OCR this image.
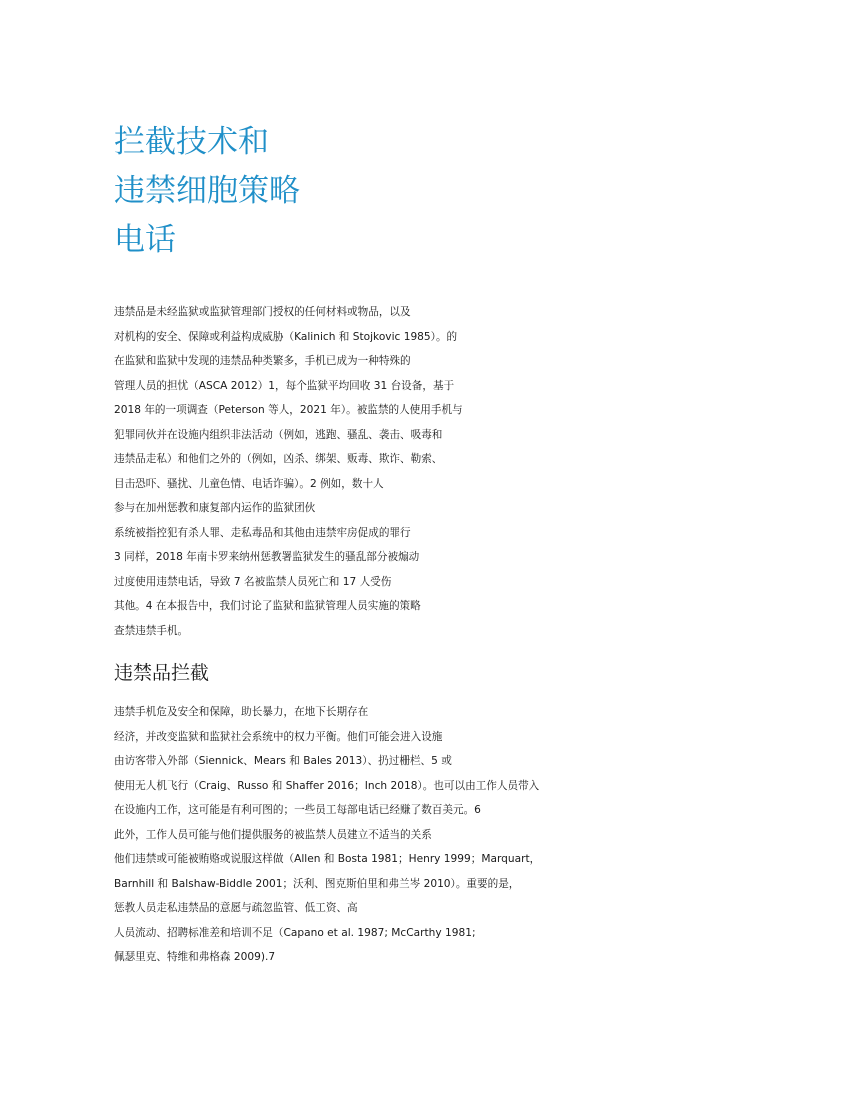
拦截技术和
违禁细胞策略
电话

违禁品是未经监狱或监狱管理部门授权的任何材料或物品，以及

对机构的安全、保障或利益构成威胁（Kalinich 和 Stojkovic 1985）。的

在监狱和监狱中发现的违禁品种类繁多，手机已成为一种特殊的

管理人员的担忧（ASCA 2012）1，每个监狱平均回收 31 台设备，基于

2018 年的一项调查（Peterson 等人，2021 年）。被监禁的人使用手机与

犯罪同伙并在设施内组织非法活动（例如，逃跑、骚乱、袭击、吸毒和

违禁品走私）和他们之外的（例如，凶杀、绑架、贩毒、欺诈、勒索、

目击恐吓、骚扰、儿童色情、电话诈骗）。2 例如，数十人

参与在加州惩教和康复部内运作的监狱团伙

系统被指控犯有杀人罪、走私毒品和其他由违禁牢房促成的罪行

3 同样，2018 年南卡罗来纳州惩教署监狱发生的骚乱部分被煽动

过度使用违禁电话，导致 7 名被监禁人员死亡和 17 人受伤

其他。4 在本报告中，我们讨论了监狱和监狱管理人员实施的策略

查禁违禁手机。

违禁品拦截

违禁手机危及安全和保障，助长暴力，在地下长期存在

经济，并改变监狱和监狱社会系统中的权力平衡。他们可能会进入设施

由访客带入外部（Siennick、Mears 和 Bales 2013）、扔过栅栏、5 或

使用无人机飞行（Craig、Russo 和 Shaffer 2016；Inch 2018）。也可以由工作人员带入

在设施内工作，这可能是有利可图的；一些员工每部电话已经赚了数百美元。6

此外，工作人员可能与他们提供服务的被监禁人员建立不适当的关系

他们违禁或可能被贿赂或说服这样做（Allen 和 Bosta 1981；Henry 1999；Marquart，

Barnhill 和 Balshaw-Biddle 2001；沃利、图克斯伯里和弗兰岑 2010）。重要的是，

惩教人员走私违禁品的意愿与疏忽监管、低工资、高

人员流动、招聘标准差和培训不足（Capano et al. 1987; McCarthy 1981;

佩瑟里克、特维和弗格森 2009).7
